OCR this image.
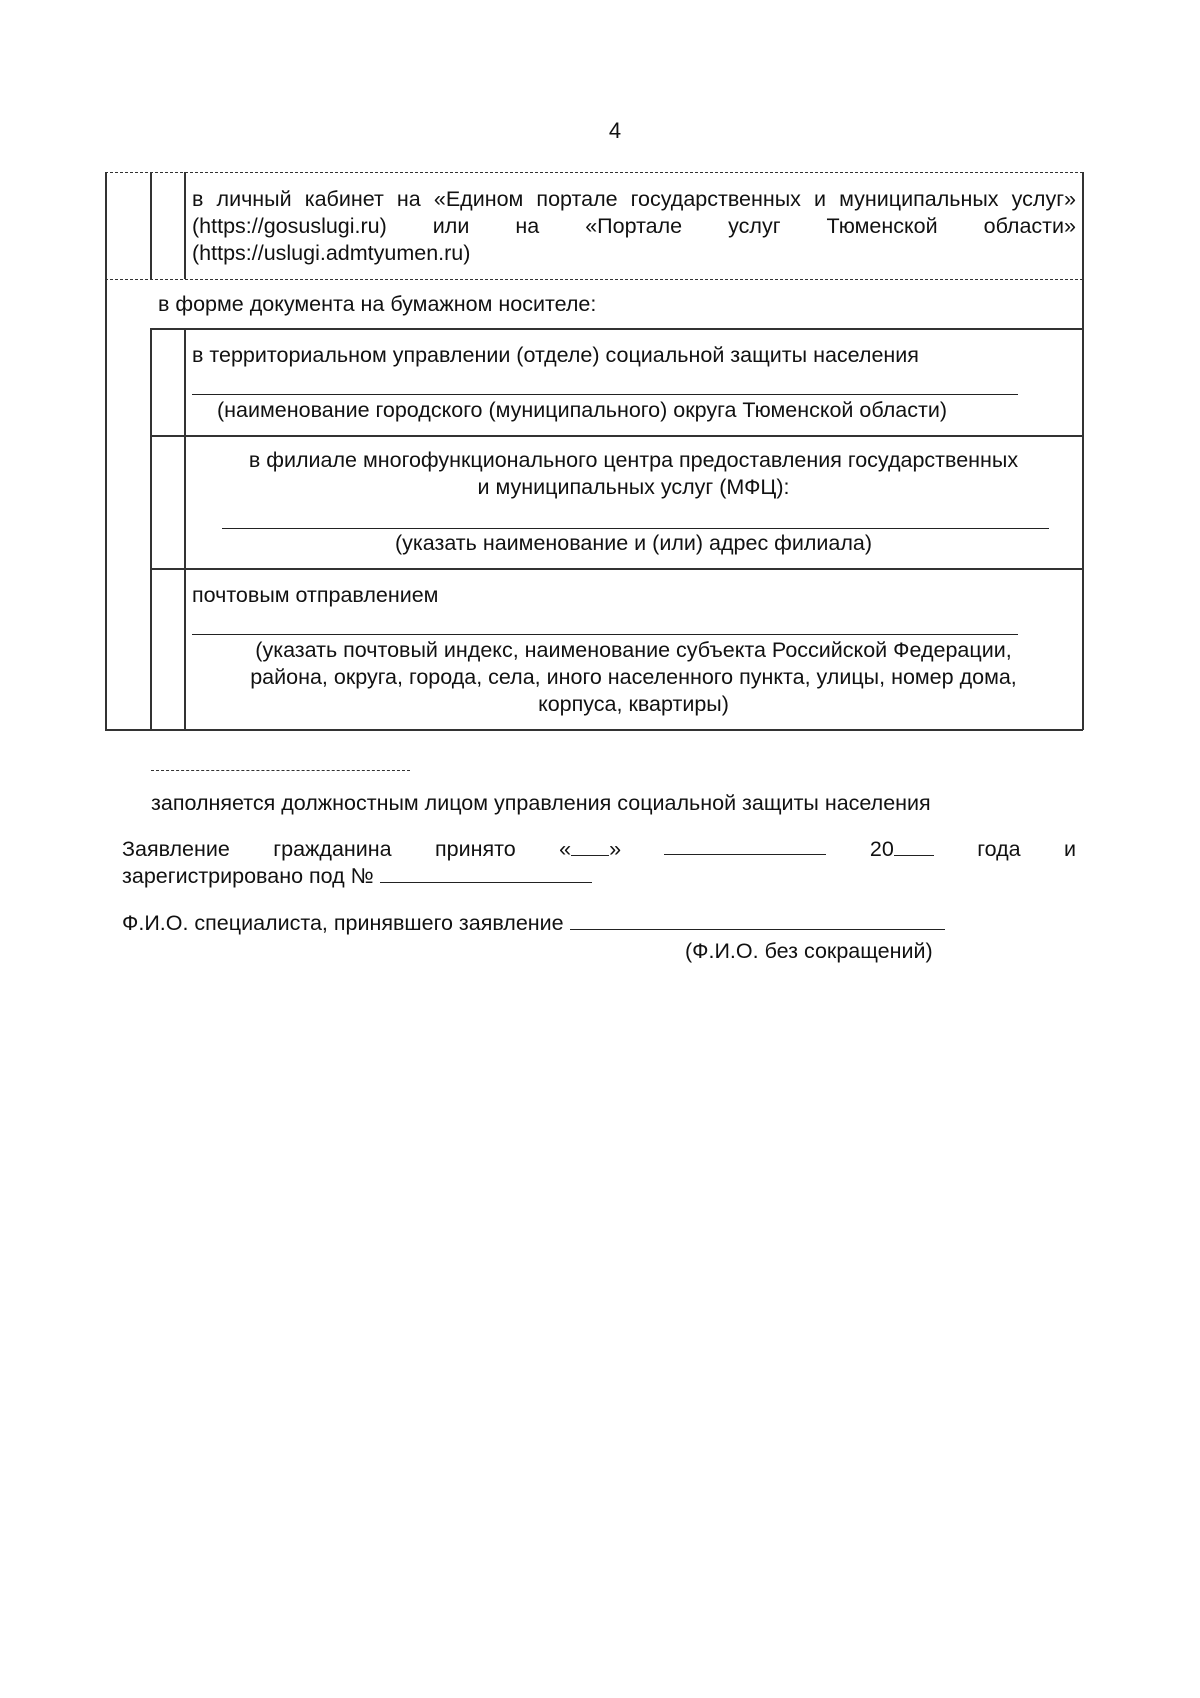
4
в личный кабинет на «Едином портале государственных и муниципальных услуг» (https://gosuslugi.ru) или на «Портале услуг Тюменской области» (https://uslugi.admtyumen.ru)
в форме документа на бумажном носителе:
в территориальном управлении (отделе) социальной защиты населения
(наименование городского (муниципального) округа Тюменской области)
в филиале многофункционального центра предоставления государственных
и муниципальных услуг (МФЦ):
(указать наименование и (или) адрес филиала)
почтовым отправлением
(указать почтовый индекс, наименование субъекта Российской Федерации,
района, округа, города, села, иного населенного пункта, улицы, номер дома,
корпуса, квартиры)
заполняется должностным лицом управления социальной защиты населения
Заявление гражданина принято « »	20	года и
зарегистрировано под №
Ф.И.О. специалиста, принявшего заявление
(Ф.И.О. без сокращений)
